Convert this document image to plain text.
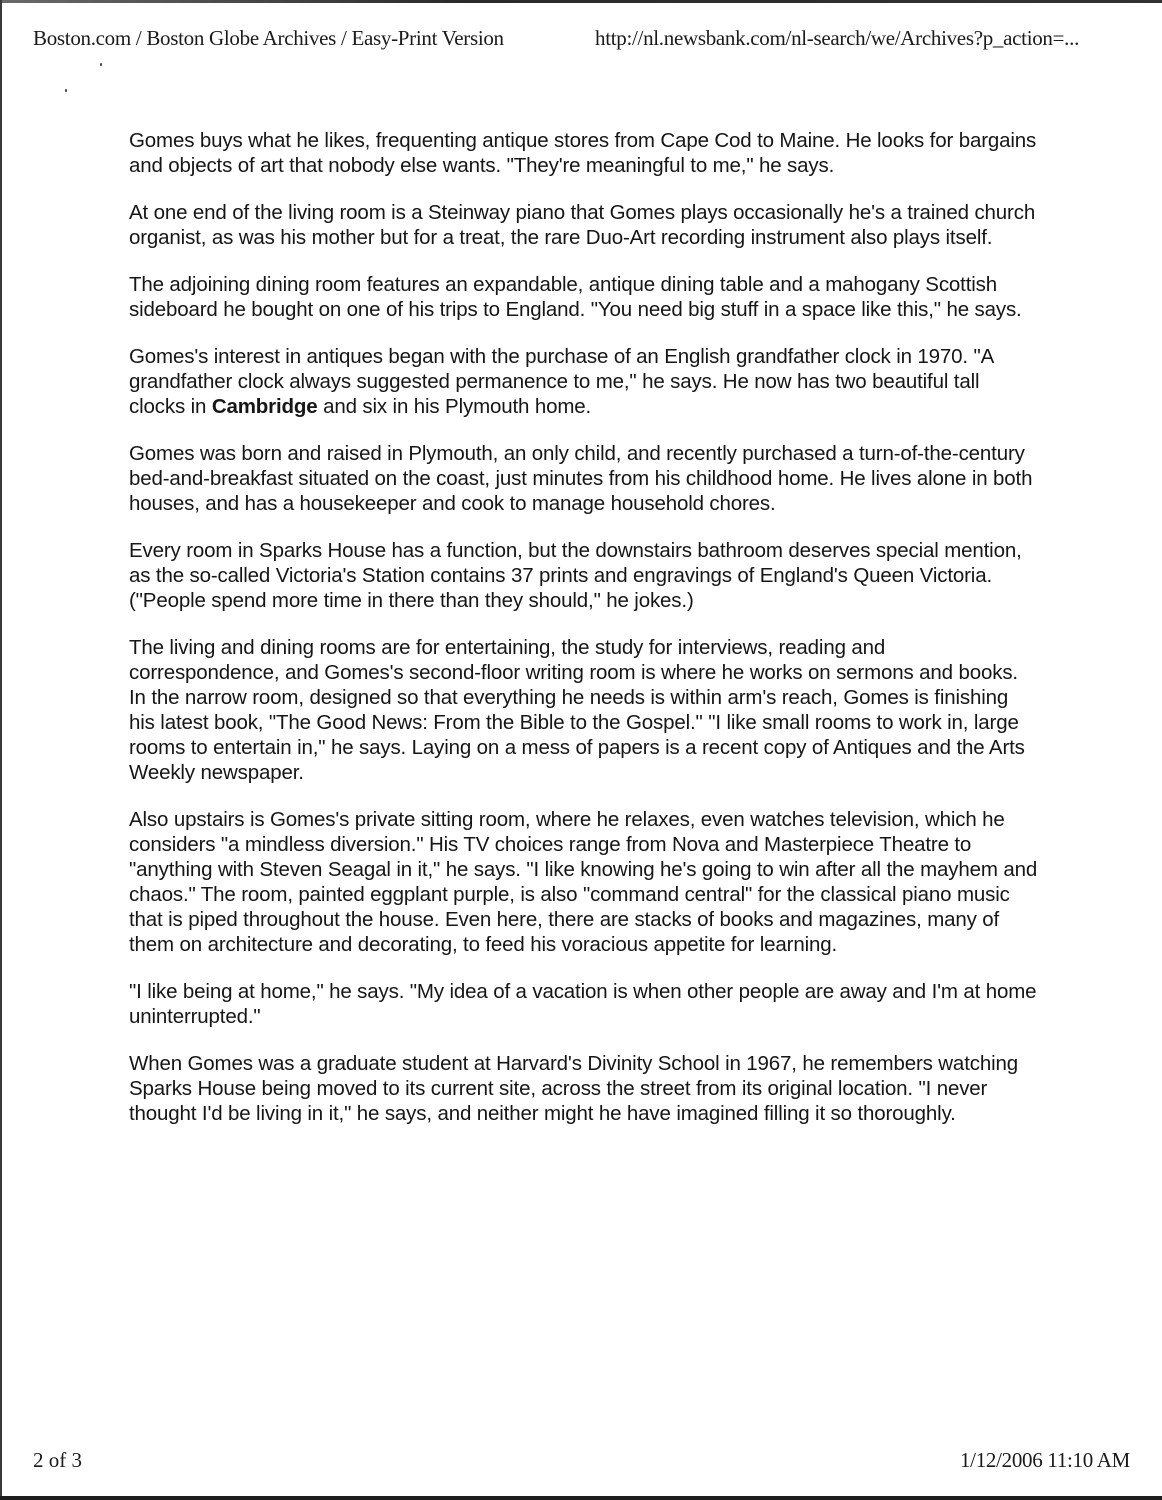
Boston.com / Boston Globe Archives / Easy-Print Version	http://nl.newsbank.com/nl-search/we/Archives?p_action=...

Gomes buys what he likes, frequenting antique stores from Cape Cod to Maine. He looks for bargains and objects of art that nobody else wants. "They're meaningful to me," he says.

At one end of the living room is a Steinway piano that Gomes plays occasionally he's a trained church organist, as was his mother but for a treat, the rare Duo-Art recording instrument also plays itself.

The adjoining dining room features an expandable, antique dining table and a mahogany Scottish sideboard he bought on one of his trips to England. "You need big stuff in a space like this," he says.

Gomes's interest in antiques began with the purchase of an English grandfather clock in 1970. "A grandfather clock always suggested permanence to me," he says. He now has two beautiful tall clocks in Cambridge and six in his Plymouth home.

Gomes was born and raised in Plymouth, an only child, and recently purchased a turn-of-the-century bed-and-breakfast situated on the coast, just minutes from his childhood home. He lives alone in both houses, and has a housekeeper and cook to manage household chores.

Every room in Sparks House has a function, but the downstairs bathroom deserves special mention, as the so-called Victoria's Station contains 37 prints and engravings of England's Queen Victoria. ("People spend more time in there than they should," he jokes.)

The living and dining rooms are for entertaining, the study for interviews, reading and correspondence, and Gomes's second-floor writing room is where he works on sermons and books. In the narrow room, designed so that everything he needs is within arm's reach, Gomes is finishing his latest book, "The Good News: From the Bible to the Gospel." "I like small rooms to work in, large rooms to entertain in," he says. Laying on a mess of papers is a recent copy of Antiques and the Arts Weekly newspaper.

Also upstairs is Gomes's private sitting room, where he relaxes, even watches television, which he considers "a mindless diversion." His TV choices range from Nova and Masterpiece Theatre to "anything with Steven Seagal in it," he says. "I like knowing he's going to win after all the mayhem and chaos." The room, painted eggplant purple, is also "command central" for the classical piano music that is piped throughout the house. Even here, there are stacks of books and magazines, many of them on architecture and decorating, to feed his voracious appetite for learning.

"I like being at home," he says. "My idea of a vacation is when other people are away and I'm at home uninterrupted."

When Gomes was a graduate student at Harvard's Divinity School in 1967, he remembers watching Sparks House being moved to its current site, across the street from its original location. "I never thought I'd be living in it," he says, and neither might he have imagined filling it so thoroughly.

2 of 3	1/12/2006 11:10 AM
